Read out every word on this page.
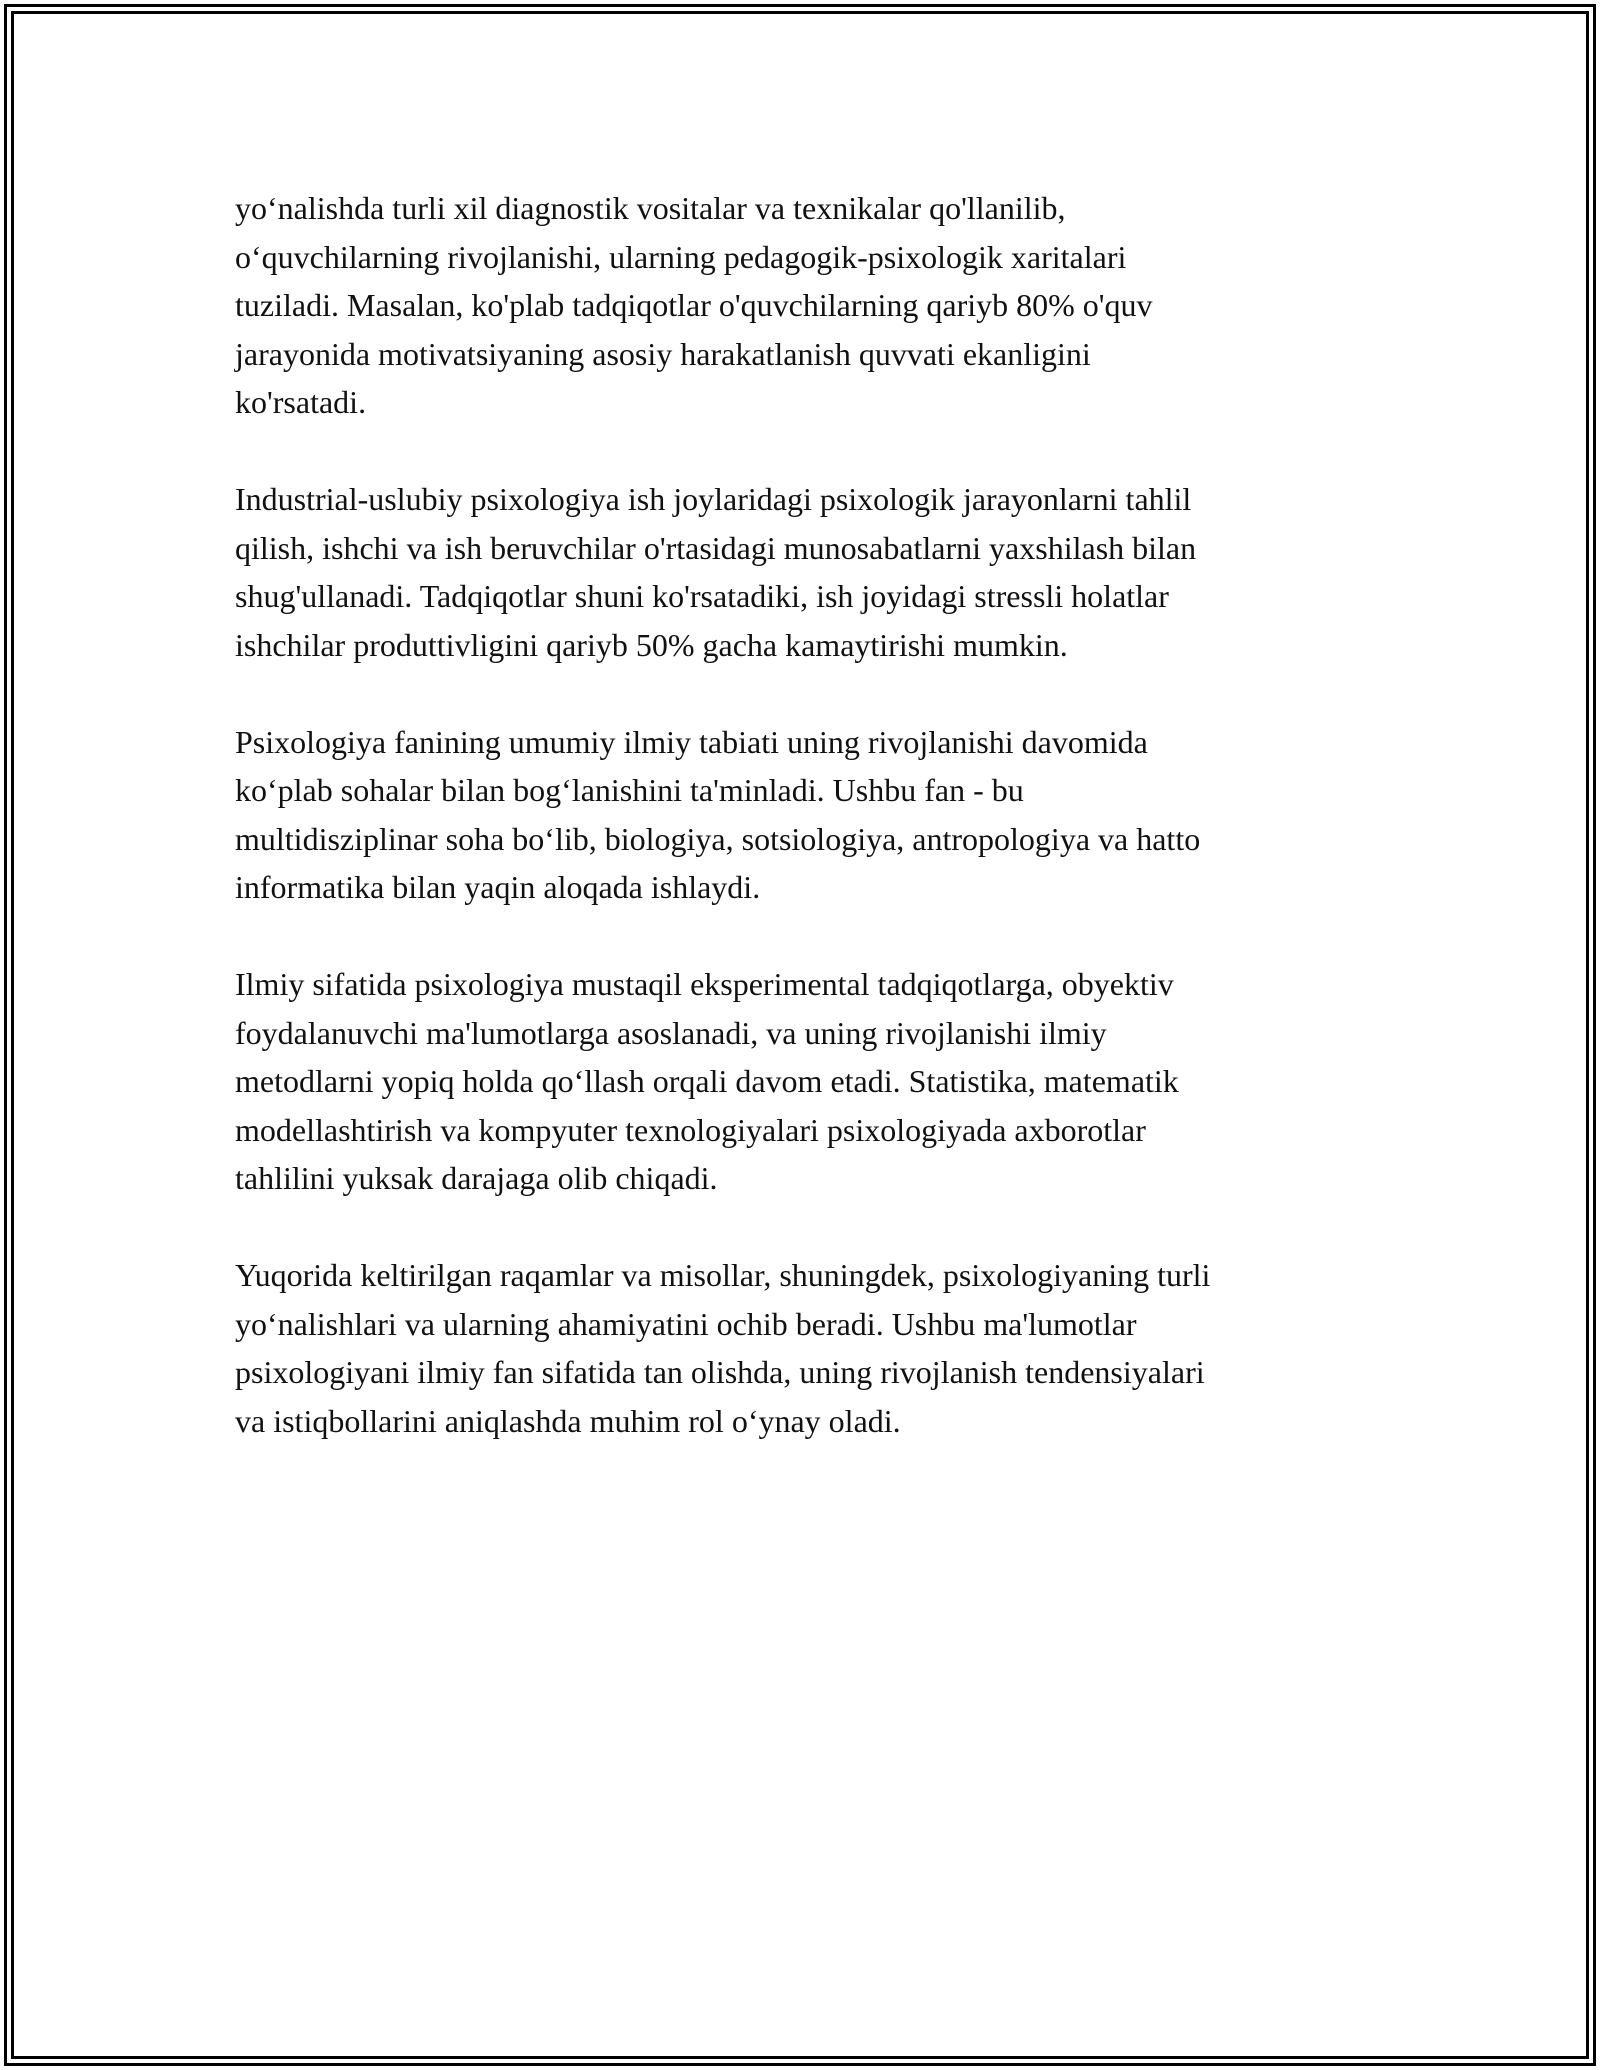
yo‘nalishda turli xil diagnostik vositalar va texnikalar qo'llanilib,
o‘quvchilarning rivojlanishi, ularning pedagogik-psixologik xaritalari
tuziladi. Masalan, ko'plab tadqiqotlar o'quvchilarning qariyb 80% o'quv
jarayonida motivatsiyaning asosiy harakatlanish quvvati ekanligini
ko'rsatadi.
Industrial-uslubiy psixologiya ish joylaridagi psixologik jarayonlarni tahlil
qilish, ishchi va ish beruvchilar o'rtasidagi munosabatlarni yaxshilash bilan
shug'ullanadi. Tadqiqotlar shuni ko'rsatadiki, ish joyidagi stressli holatlar
ishchilar produttivligini qariyb 50% gacha kamaytirishi mumkin.
Psixologiya fanining umumiy ilmiy tabiati uning rivojlanishi davomida
ko‘plab sohalar bilan bog‘lanishini ta'minladi. Ushbu fan - bu
multidisziplinar soha bo‘lib, biologiya, sotsiologiya, antropologiya va hatto
informatika bilan yaqin aloqada ishlaydi.
Ilmiy sifatida psixologiya mustaqil eksperimental tadqiqotlarga, obyektiv
foydalanuvchi ma'lumotlarga asoslanadi, va uning rivojlanishi ilmiy
metodlarni yopiq holda qo‘llash orqali davom etadi. Statistika, matematik
modellashtirish va kompyuter texnologiyalari psixologiyada axborotlar
tahlilini yuksak darajaga olib chiqadi.
Yuqorida keltirilgan raqamlar va misollar, shuningdek, psixologiyaning turli
yo‘nalishlari va ularning ahamiyatini ochib beradi. Ushbu ma'lumotlar
psixologiyani ilmiy fan sifatida tan olishda, uning rivojlanish tendensiyalari
va istiqbollarini aniqlashda muhim rol o‘ynay oladi.
